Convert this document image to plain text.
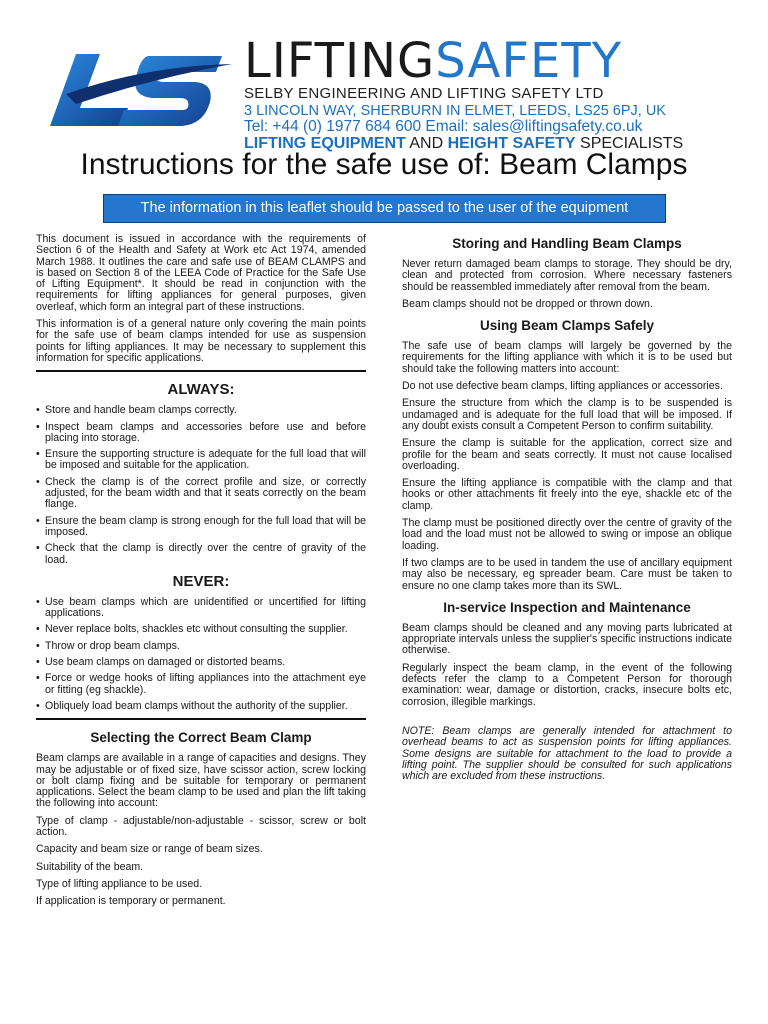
LIFTINGSAFETY
SELBY ENGINEERING AND LIFTING SAFETY LTD
3 LINCOLN WAY, SHERBURN IN ELMET, LEEDS, LS25 6PJ, UK
Tel: +44 (0) 1977 684 600 Email: sales@liftingsafety.co.uk
LIFTING EQUIPMENT AND HEIGHT SAFETY SPECIALISTS
Instructions for the safe use of: Beam Clamps
The information in this leaflet should be passed to the user of the equipment

This document is issued in accordance with the requirements of Section 6 of the Health and Safety at Work etc Act 1974, amended March 1988. It outlines the care and safe use of BEAM CLAMPS and is based on Section 8 of the LEEA Code of Practice for the Safe Use of Lifting Equipment*. It should be read in conjunction with the requirements for lifting appliances for general purposes, given overleaf, which form an integral part of these instructions.

This information is of a general nature only covering the main points for the safe use of beam clamps intended for use as suspension points for lifting appliances. It may be necessary to supplement this information for specific applications.

ALWAYS:
• Store and handle beam clamps correctly.
• Inspect beam clamps and accessories before use and before placing into storage.
• Ensure the supporting structure is adequate for the full load that will be imposed and suitable for the application.
• Check the clamp is of the correct profile and size, or correctly adjusted, for the beam width and that it seats correctly on the beam flange.
• Ensure the beam clamp is strong enough for the full load that will be imposed.
• Check that the clamp is directly over the centre of gravity of the load.
NEVER:
• Use beam clamps which are unidentified or uncertified for lifting applications.
• Never replace bolts, shackles etc without consulting the supplier.
• Throw or drop beam clamps.
• Use beam clamps on damaged or distorted beams.
• Force or wedge hooks of lifting appliances into the attachment eye or fitting (eg shackle).
• Obliquely load beam clamps without the authority of the supplier.
Selecting the Correct Beam Clamp

Beam clamps are available in a range of capacities and designs. They may be adjustable or of fixed size, have scissor action, screw locking or bolt clamp fixing and be suitable for temporary or permanent applications. Select the beam clamp to be used and plan the lift taking the following into account:

Type of clamp - adjustable/non-adjustable - scissor, screw or bolt action.

Capacity and beam size or range of beam sizes.

Suitability of the beam.

Type of lifting appliance to be used.

If application is temporary or permanent.

Storing and Handling Beam Clamps

Never return damaged beam clamps to storage. They should be dry, clean and protected from corrosion. Where necessary fasteners should be reassembled immediately after removal from the beam.

Beam clamps should not be dropped or thrown down.

Using Beam Clamps Safely

The safe use of beam clamps will largely be governed by the requirements for the lifting appliance with which it is to be used but should take the following matters into account:

Do not use defective beam clamps, lifting appliances or accessories.

Ensure the structure from which the clamp is to be suspended is undamaged and is adequate for the full load that will be imposed. If any doubt exists consult a Competent Person to confirm suitability.

Ensure the clamp is suitable for the application, correct size and profile for the beam and seats correctly. It must not cause localised overloading.

Ensure the lifting appliance is compatible with the clamp and that hooks or other attachments fit freely into the eye, shackle etc of the clamp.

The clamp must be positioned directly over the centre of gravity of the load and the load must not be allowed to swing or impose an oblique loading.

If two clamps are to be used in tandem the use of ancillary equipment may also be necessary, eg spreader beam. Care must be taken to ensure no one clamp takes more than its SWL.

In-service Inspection and Maintenance

Beam clamps should be cleaned and any moving parts lubricated at appropriate intervals unless the supplier's specific instructions indicate otherwise.

Regularly inspect the beam clamp, in the event of the following defects refer the clamp to a Competent Person for thorough examination: wear, damage or distortion, cracks, insecure bolts etc, corrosion, illegible markings.

NOTE: Beam clamps are generally intended for attachment to overhead beams to act as suspension points for lifting appliances. Some designs are suitable for attachment to the load to provide a lifting point. The supplier should be consulted for such applications which are excluded from these instructions.
